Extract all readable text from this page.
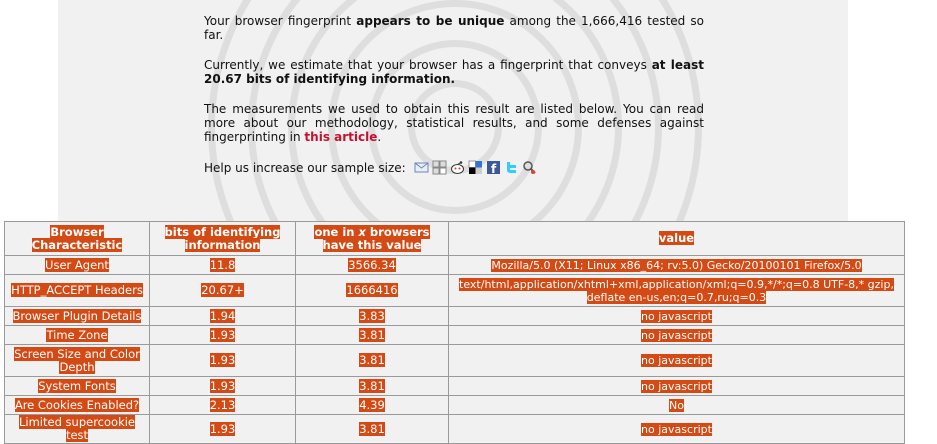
Your browser fingerprint appears to be unique among the 1,666,416 tested so far.

Currently, we estimate that your browser has a fingerprint that conveys at least 20.67 bits of identifying information.

The measurements we used to obtain this result are listed below. You can read more about our methodology, statistical results, and some defenses against fingerprinting in this article.

Help us increase our sample size:	f
Browser Characteristic	bits of identifying information	one in x browsers have this value	value
User Agent	11.8	3566.34	Mozilla/5.0 (X11; Linux x86_64; rv:5.0) Gecko/20100101 Firefox/5.0
HTTP_ACCEPT Headers	20.67+	1666416	text/html,application/xhtml+xml,application/xml;q=0.9,*/*;q=0.8 UTF-8,* gzip, deflate en-us,en;q=0.7,ru;q=0.3
Browser Plugin Details	1.94	3.83	no javascript
Time Zone	1.93	3.81	no javascript
Screen Size and Color Depth	1.93	3.81	no javascript
System Fonts	1.93	3.81	no javascript
Are Cookies Enabled?	2.13	4.39	No
Limited supercookie test	1.93	3.81	no javascript
